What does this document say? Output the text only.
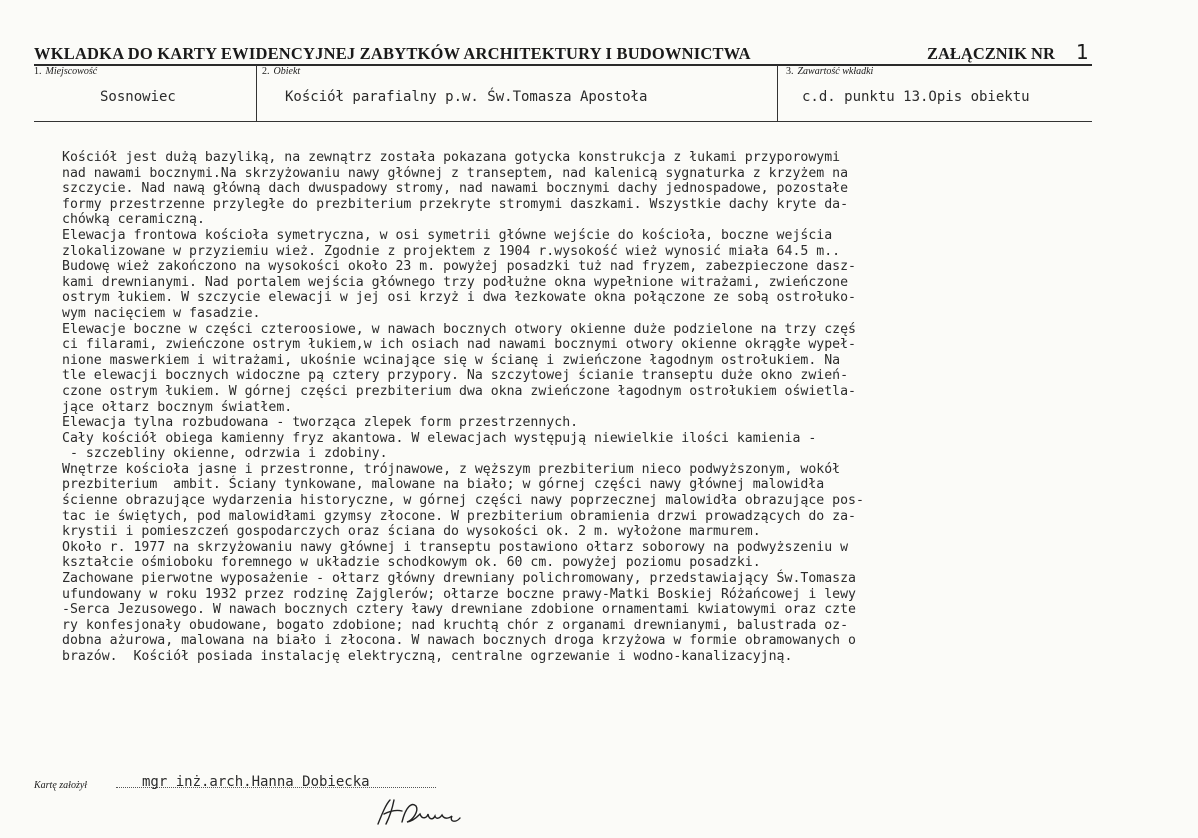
WKLADKA DO KARTY EWIDENCYJNEJ ZABYTKÓW ARCHITEKTURY I BUDOWNICTWA	ZAŁĄCZNIK NR 1
1. Miejscowość
Sosnowiec
2. Obiekt
Kościół parafialny p.w. Św.Tomasza Apostoła
3. Zawartość wkładki
c.d. punktu 13.Opis obiektu
Kościół jest dużą bazyliką, na zewnątrz została pokazana gotycka konstrukcja z łukami przyporowymi
nad nawami bocznymi.Na skrzyżowaniu nawy głównej z transeptem, nad kalenicą sygnaturka z krzyżem na
szczycie. Nad nawą główną dach dwuspadowy stromy, nad nawami bocznymi dachy jednospadowe, pozostałe
formy przestrzenne przyległe do prezbiterium przekryte stromymi daszkami. Wszystkie dachy kryte da-
chówką ceramiczną.
Elewacja frontowa kościoła symetryczna, w osi symetrii główne wejście do kościoła, boczne wejścia
zlokalizowane w przyziemiu wież. Zgodnie z projektem z 1904 r.wysokość wież wynosić miała 64.5 m..
Budowę wież zakończono na wysokości około 23 m. powyżej posadzki tuż nad fryzem, zabezpieczone dasz-
kami drewnianymi. Nad portalem wejścia głównego trzy podłużne okna wypełnione witrażami, zwieńczone
ostrym łukiem. W szczycie elewacji w jej osi krzyż i dwa łezkowate okna połączone ze sobą ostrołuko-
wym nacięciem w fasadzie.
Elewacje boczne w części czteroosiowe, w nawach bocznych otwory okienne duże podzielone na trzy częś
ci filarami, zwieńczone ostrym łukiem,w ich osiach nad nawami bocznymi otwory okienne okrągłe wypeł-
nione maswerkiem i witrażami, ukośnie wcinające się w ścianę i zwieńczone łagodnym ostrołukiem. Na
tle elewacji bocznych widoczne pą cztery przypory. Na szczytowej ścianie transeptu duże okno zwień-
czone ostrym łukiem. W górnej części prezbiterium dwa okna zwieńczone łagodnym ostrołukiem oświetla-
jące ołtarz bocznym światłem.
Elewacja tylna rozbudowana - tworząca zlepek form przestrzennych.
Cały kościół obiega kamienny fryz akantowa. W elewacjach występują niewielkie ilości kamienia -
- szczebliny okienne, odrzwia i zdobiny.
Wnętrze kościoła jasne i przestronne, trójnawowe, z węższym prezbiterium nieco podwyższonym, wokół
prezbiterium  ambit. Ściany tynkowane, malowane na biało; w górnej części nawy głównej malowidła
ścienne obrazujące wydarzenia historyczne, w górnej części nawy poprzecznej malowidła obrazujące pos-
tac ie świętych, pod malowidłami gzymsy złocone. W prezbiterium obramienia drzwi prowadzących do za-
krystii i pomieszczeń gospodarczych oraz ściana do wysokości ok. 2 m. wyłożone marmurem.
Około r. 1977 na skrzyżowaniu nawy głównej i transeptu postawiono ołtarz soborowy na podwyższeniu w
kształcie ośmioboku foremnego w układzie schodkowym ok. 60 cm. powyżej poziomu posadzki.
Zachowane pierwotne wyposażenie - ołtarz główny drewniany polichromowany, przedstawiający Św.Tomasza
ufundowany w roku 1932 przez rodzinę Zajglerów; ołtarze boczne prawy-Matki Boskiej Różańcowej i lewy
-Serca Jezusowego. W nawach bocznych cztery ławy drewniane zdobione ornamentami kwiatowymi oraz czte
ry konfesjonały obudowane, bogato zdobione; nad kruchtą chór z organami drewnianymi, balustrada oz-
dobna ażurowa, malowana na biało i złocona. W nawach bocznych droga krzyżowa w formie obramowanych o
brazów.  Kościół posiada instalację elektryczną, centralne ogrzewanie i wodno-kanalizacyjną.
Kartę założył	mgr inż.arch.Hanna Dobiecka
